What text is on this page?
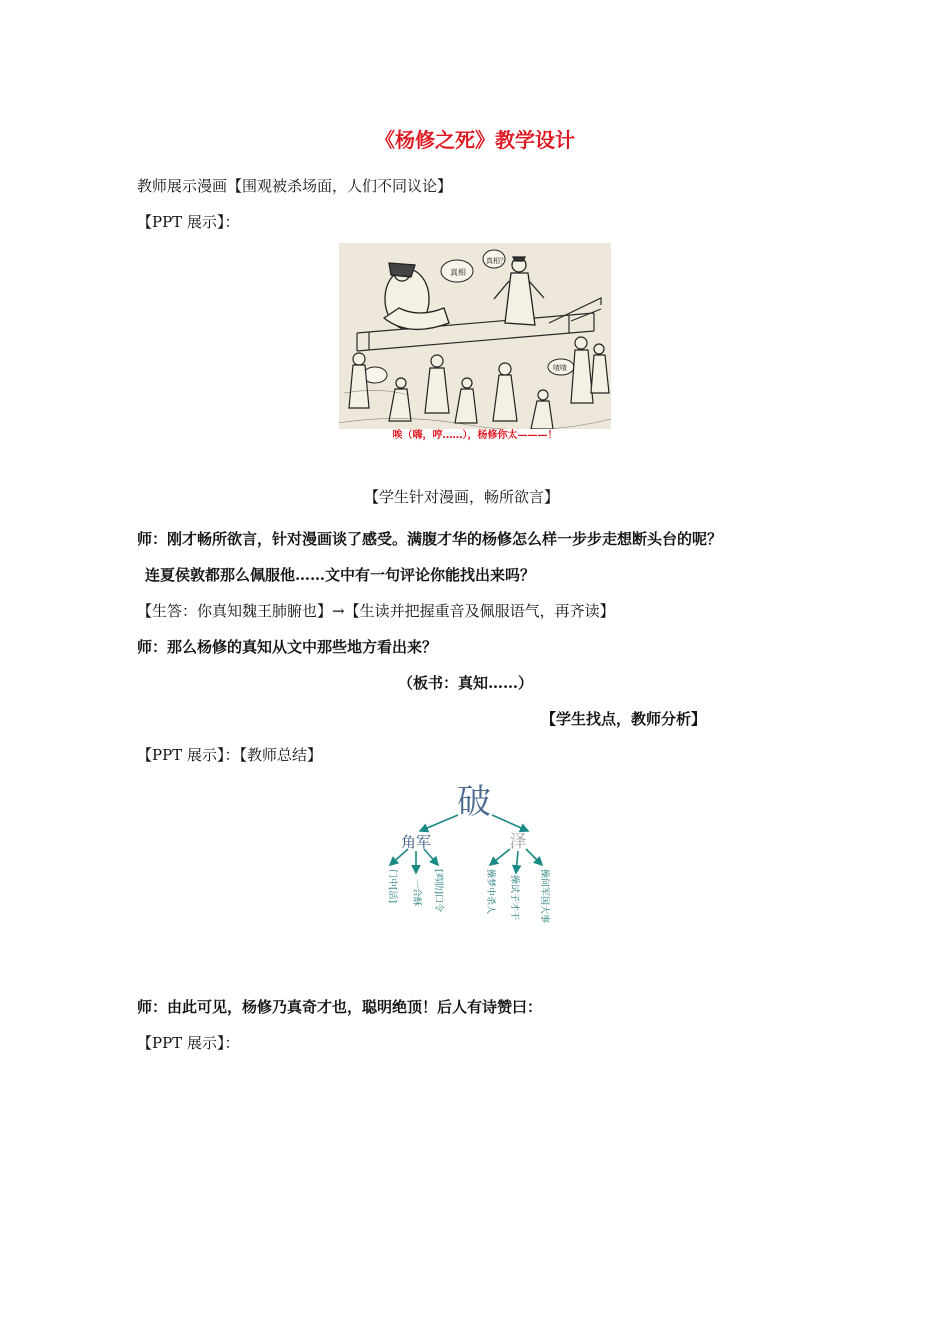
《杨修之死》教学设计
教师展示漫画【围观被杀场面，人们不同议论】
【PPT 展示】：
真相
真相？
喳喳
唉（嗨，哼……），杨修你太———！
【学生针对漫画，畅所欲言】
师：刚才畅所欲言，针对漫画谈了感受。满腹才华的杨修怎么样一步步走想断头台的呢？
连夏侯敦都那么佩服他……文中有一句评论你能找出来吗？
【生答：你真知魏王肺腑也】→【生读并把握重音及佩服语气，再齐读】
师：那么杨修的真知从文中那些地方看出来？
（板书：真知……）
【学生找点，教师分析】
【PPT 展示】：【教师总结】
破
角军	泽
门中[活] 一合酥 [鸡肋]口令	操梦中杀人 操试子才干 操问军国大事
师：由此可见，杨修乃真奇才也，聪明绝顶！后人有诗赞曰：
【PPT 展示】：
